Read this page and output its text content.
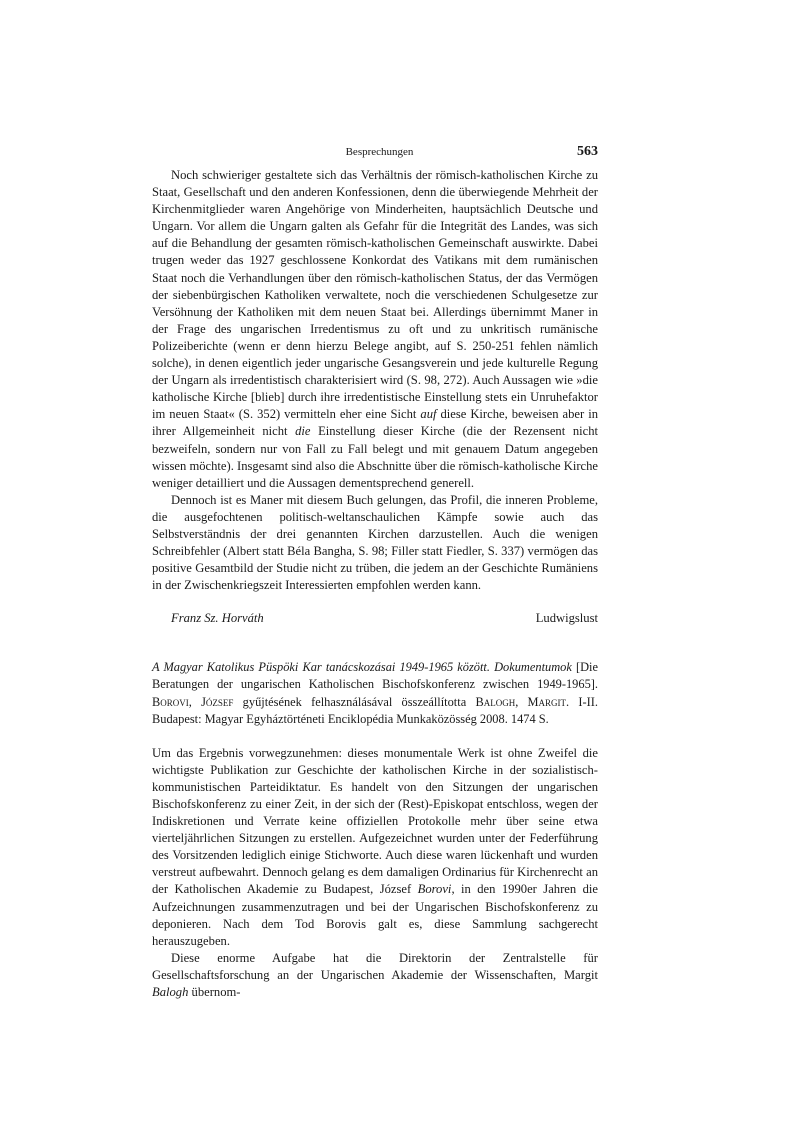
Besprechungen	563

Noch schwieriger gestaltete sich das Verhältnis der römisch-katholischen Kirche zu Staat, Gesellschaft und den anderen Konfessionen, denn die überwiegende Mehrheit der Kirchenmitglieder waren Angehörige von Minderheiten, hauptsächlich Deutsche und Ungarn. Vor allem die Ungarn galten als Gefahr für die Integrität des Landes, was sich auf die Behandlung der gesamten römisch-katholischen Gemeinschaft auswirkte. Dabei trugen weder das 1927 geschlossene Konkordat des Vatikans mit dem rumänischen Staat noch die Verhandlungen über den römisch-katholischen Status, der das Vermögen der siebenbürgischen Katholiken verwaltete, noch die verschiedenen Schulgesetze zur Versöhnung der Katholiken mit dem neuen Staat bei. Allerdings übernimmt Maner in der Frage des ungarischen Irredentismus zu oft und zu unkritisch rumänische Polizeiberichte (wenn er denn hierzu Belege angibt, auf S. 250-251 fehlen nämlich solche), in denen eigentlich jeder ungarische Gesangsverein und jede kulturelle Regung der Ungarn als irredentistisch charakterisiert wird (S. 98, 272). Auch Aussagen wie »die katholische Kirche [blieb] durch ihre irredentistische Einstellung stets ein Unruhefaktor im neuen Staat« (S. 352) vermitteln eher eine Sicht auf diese Kirche, beweisen aber in ihrer Allgemeinheit nicht die Einstellung dieser Kirche (die der Rezensent nicht bezweifeln, sondern nur von Fall zu Fall belegt und mit genauem Datum angegeben wissen möchte). Insgesamt sind also die Abschnitte über die römisch-katholische Kirche weniger detailliert und die Aussagen dementsprechend generell.

Dennoch ist es Maner mit diesem Buch gelungen, das Profil, die inneren Probleme, die ausgefochtenen politisch-weltanschaulichen Kämpfe sowie auch das Selbstverständnis der drei genannten Kirchen darzustellen. Auch die wenigen Schreibfehler (Albert statt Béla Bangha, S. 98; Filler statt Fiedler, S. 337) vermögen das positive Gesamtbild der Studie nicht zu trüben, die jedem an der Geschichte Rumäniens in der Zwischenkriegszeit Interessierten empfohlen werden kann.

Franz Sz. Horváth	Ludwigslust

A Magyar Katolikus Püspöki Kar tanácskozásai 1949-1965 között. Dokumentumok [Die Beratungen der ungarischen Katholischen Bischofskonferenz zwischen 1949-1965]. Borovi, József gyűjtésének felhasználásával összeállította Balogh, Margit. I-II. Budapest: Magyar Egyháztörténeti Enciklopédia Munkaközösség 2008. 1474 S.

Um das Ergebnis vorwegzunehmen: dieses monumentale Werk ist ohne Zweifel die wichtigste Publikation zur Geschichte der katholischen Kirche in der sozialistisch-kommunistischen Parteidiktatur. Es handelt von den Sitzungen der ungarischen Bischofskonferenz zu einer Zeit, in der sich der (Rest)-Episkopat entschloss, wegen der Indiskretionen und Verrate keine offiziellen Protokolle mehr über seine etwa vierteljährlichen Sitzungen zu erstellen. Aufgezeichnet wurden unter der Federführung des Vorsitzenden lediglich einige Stichworte. Auch diese waren lückenhaft und wurden verstreut aufbewahrt. Dennoch gelang es dem damaligen Ordinarius für Kirchenrecht an der Katholischen Akademie zu Budapest, József Borovi, in den 1990er Jahren die Aufzeichnungen zusammenzutragen und bei der Ungarischen Bischofskonferenz zu deponieren. Nach dem Tod Borovis galt es, diese Sammlung sachgerecht herauszugeben.

Diese enorme Aufgabe hat die Direktorin der Zentralstelle für Gesellschaftsforschung an der Ungarischen Akademie der Wissenschaften, Margit Balogh übernom-
